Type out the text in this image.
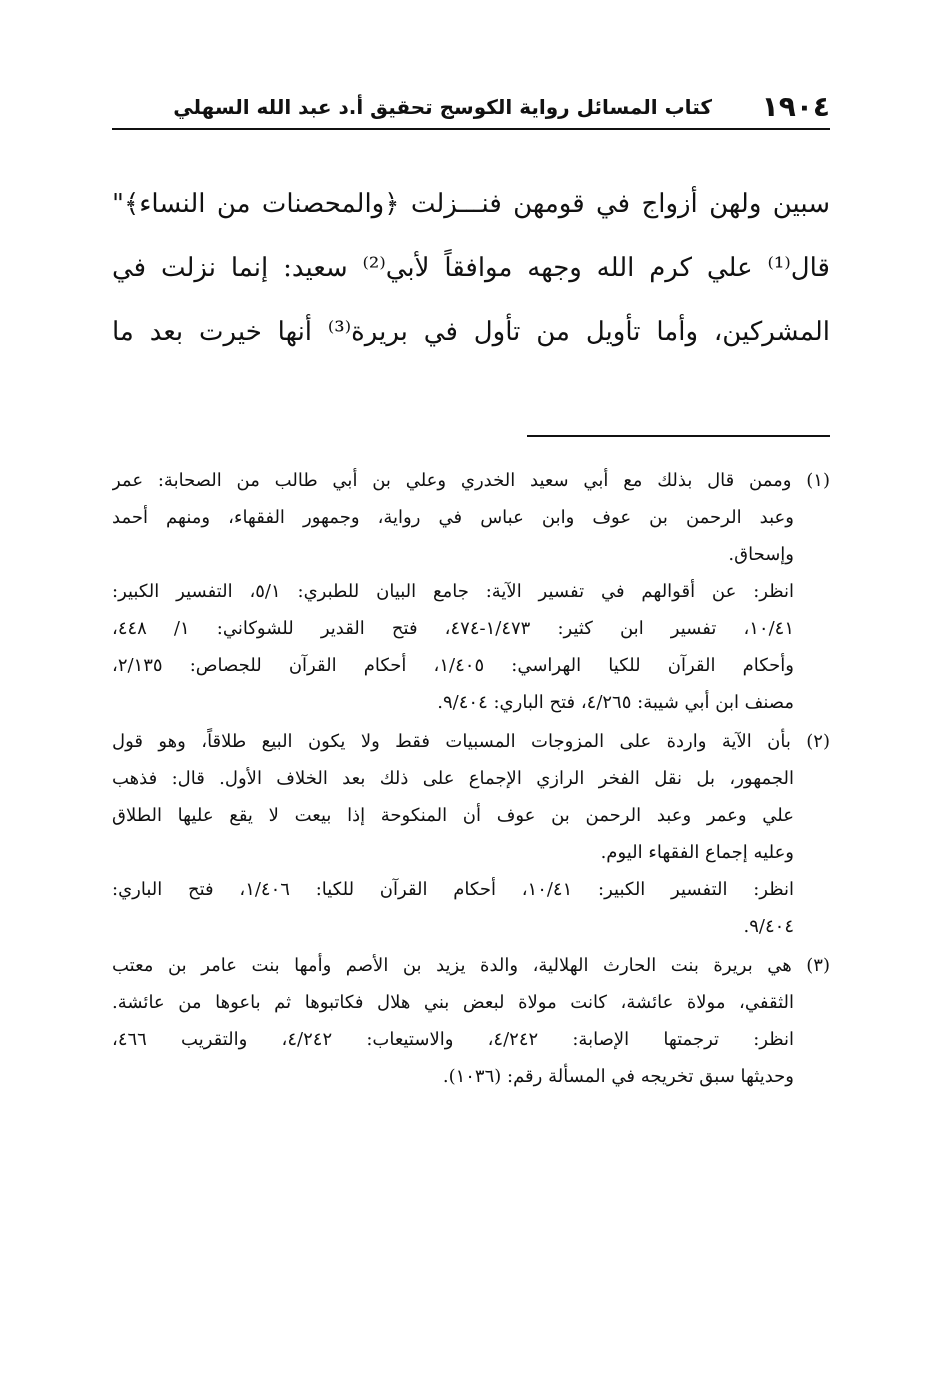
١٩٠٤
كتاب المسائل رواية الكوسج تحقيق أ.د عبد الله السهلي
سبين ولهن أزواج في قومهن فنـــزلت ﴿والمحصنات من النساء﴾"
قال⁽¹⁾ علي كرم الله وجهه موافقاً لأبي⁽²⁾ سعيد: إنما نزلت في
المشركين، وأما تأويل من تأول في بريرة⁽³⁾ أنها خيرت بعد ما
(١) وممن قال بذلك مع أبي سعيد الخدري وعلي بن أبي طالب من الصحابة: عمر
وعبد الرحمن بن عوف وابن عباس في رواية، وجمهور الفقهاء، ومنهم أحمد
وإسحاق.
انظر: عن أقوالهم في تفسير الآية: جامع البيان للطبري: ٥/١، التفسير الكبير:
١٠/٤١، تفسير ابن كثير: ١/٤٧٣-٤٧٤، فتح القدير للشوكاني: ١/ ٤٤٨،
وأحكام القرآن للكيا الهراسي: ١/٤٠٥، أحكام القرآن للجصاص: ٢/١٣٥،
مصنف ابن أبي شيبة: ٤/٢٦٥، فتح الباري: ٩/٤٠٤.
(٢) بأن الآية واردة على المزوجات المسبيات فقط ولا يكون البيع طلاقاً، وهو قول
الجمهور، بل نقل الفخر الرازي الإجماع على ذلك بعد الخلاف الأول. قال: فذهب
علي وعمر وعبد الرحمن بن عوف أن المنكوحة إذا بيعت لا يقع عليها الطلاق
وعليه إجماع الفقهاء اليوم.
انظر: التفسير الكبير: ١٠/٤١، أحكام القرآن للكيا: ١/٤٠٦، فتح الباري:
٩/٤٠٤.
(٣) هي بريرة بنت الحارث الهلالية، والدة يزيد بن الأصم وأمها بنت عامر بن معتب
الثقفي، مولاة عائشة، كانت مولاة لبعض بني هلال فكاتبوها ثم باعوها من عائشة.
انظر: ترجمتها الإصابة: ٤/٢٤٢، والاستيعاب: ٤/٢٤٢، والتقريب ٤٦٦،
وحديثها سبق تخريجه في المسألة رقم: (١٠٣٦).
